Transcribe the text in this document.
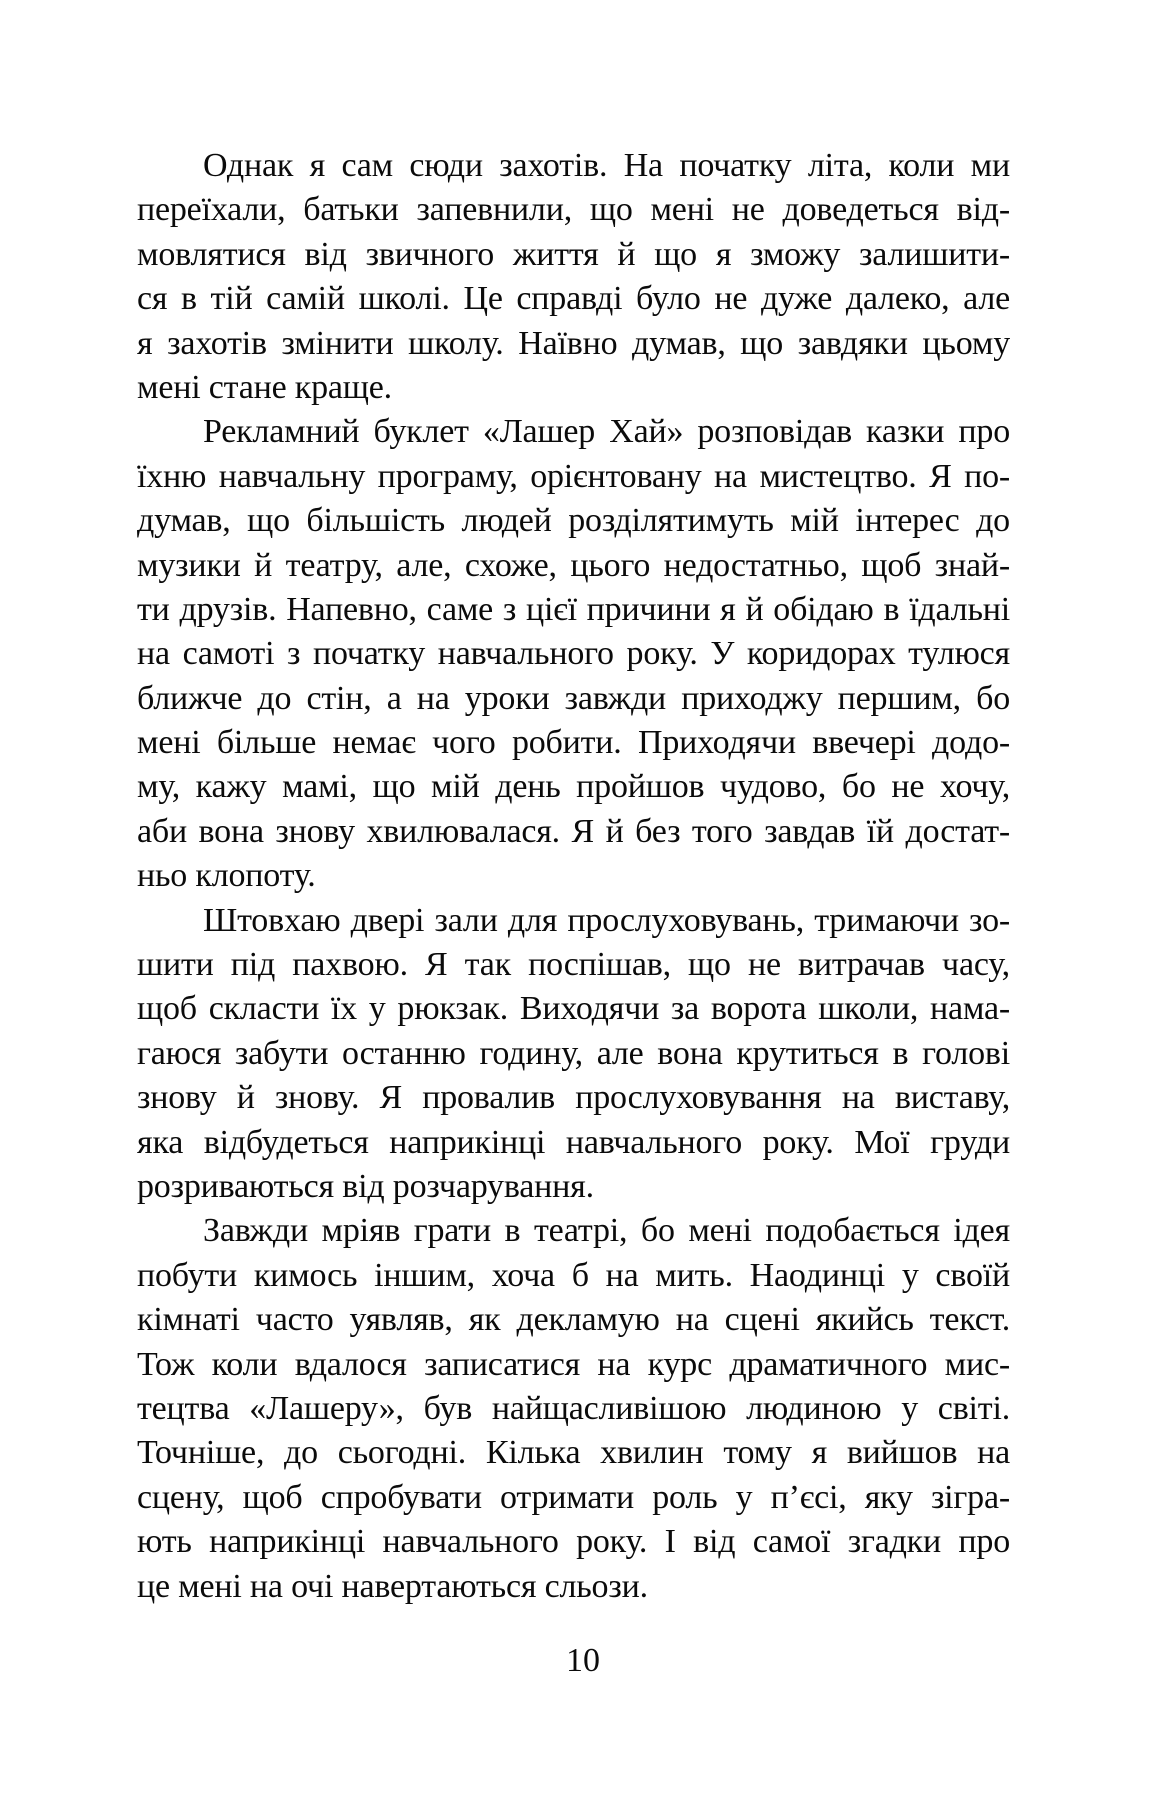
Однак я сам сюди захотів. На початку літа, коли ми
переїхали, батьки запевнили, що мені не доведеться від-
мовлятися від звичного життя й що я зможу залишити-
ся в тій самій школі. Це справді було не дуже далеко, але
я захотів змінити школу. Наївно думав, що завдяки цьому
мені стане краще.
Рекламний буклет «Лашер Хай» розповідав казки про
їхню навчальну програму, орієнтовану на мистецтво. Я по-
думав, що більшість людей розділятимуть мій інтерес до
музики й театру, але, схоже, цього недостатньо, щоб знай-
ти друзів. Напевно, саме з цієї причини я й обідаю в їдальні
на самоті з початку навчального року. У коридорах тулюся
ближче до стін, а на уроки завжди приходжу першим, бо
мені більше немає чого робити. Приходячи ввечері додо-
му, кажу мамі, що мій день пройшов чудово, бо не хочу,
аби вона знову хвилювалася. Я й без того завдав їй достат-
ньо клопоту.
Штовхаю двері зали для прослуховувань, тримаючи зо-
шити під пахвою. Я так поспішав, що не витрачав часу,
щоб скласти їх у рюкзак. Виходячи за ворота школи, нама-
гаюся забути останню годину, але вона крутиться в голові
знову й знову. Я провалив прослуховування на виставу,
яка відбудеться наприкінці навчального року. Мої груди
розриваються від розчарування.
Завжди мріяв грати в театрі, бо мені подобається ідея
побути кимось іншим, хоча б на мить. Наодинці у своїй
кімнаті часто уявляв, як декламую на сцені якийсь текст.
Тож коли вдалося записатися на курс драматичного мис-
тецтва «Лашеру», був найщасливішою людиною у світі.
Точніше, до сьогодні. Кілька хвилин тому я вийшов на
сцену, щоб спробувати отримати роль у п’єсі, яку зігра-
ють наприкінці навчального року. І від самої згадки про
це мені на очі навертаються сльози.
10
